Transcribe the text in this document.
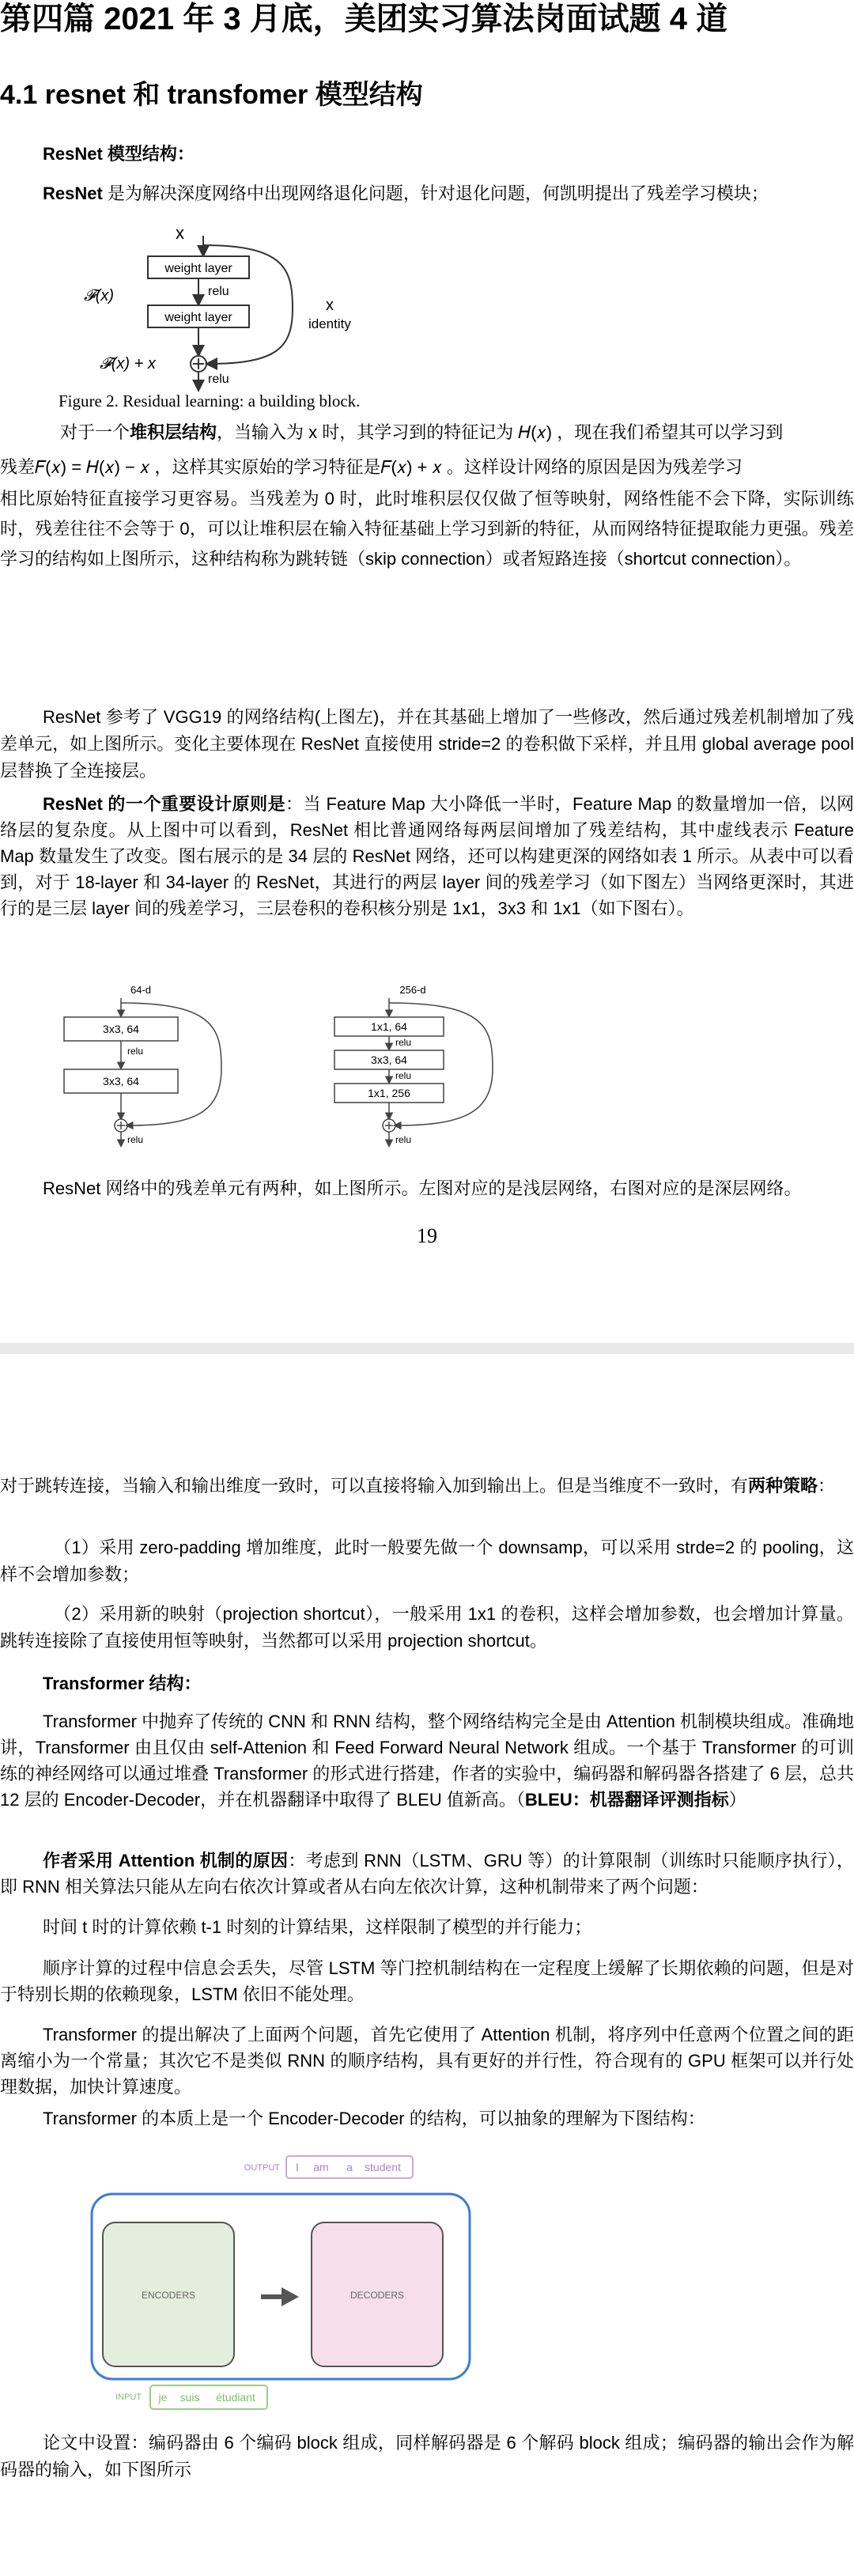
第四篇 2021 年 3 月底，美团实习算法岗面试题 4 道
4.1 resnet 和 transfomer 模型结构
ResNet 模型结构：
ResNet 是为解决深度网络中出现网络退化问题，针对退化问题，何凯明提出了残差学习模块；
x
weight layer
relu
weight layer
relu
x
identity
𝓕(x)
𝓕(x) + x
Figure 2. Residual learning: a building block.
对于一个堆积层结构，当输入为 x 时，其学习到的特征记为 𝐻(𝑥) ，现在我们希望其可以学习到
残差𝐹(𝑥) = 𝐻(𝑥) − 𝑥 ，这样其实原始的学习特征是𝐹(𝑥) + 𝑥 。这样设计网络的原因是因为残差学习
相比原始特征直接学习更容易。当残差为 0 时，此时堆积层仅仅做了恒等映射，网络性能不会下降，实际训练时，残差往往不会等于 0，可以让堆积层在输入特征基础上学习到新的特征，从而网络特征提取能力更强。残差学习的结构如上图所示，这种结构称为跳转链（skip connection）或者短路连接（shortcut connection）。
ResNet 参考了 VGG19 的网络结构(上图左)，并在其基础上增加了一些修改，然后通过残差机制增加了残差单元，如上图所示。变化主要体现在 ResNet 直接使用 stride=2 的卷积做下采样，并且用 global average pool 层替换了全连接层。
ResNet 的一个重要设计原则是：当 Feature Map 大小降低一半时，Feature Map 的数量增加一倍，以网络层的复杂度。从上图中可以看到，ResNet 相比普通网络每两层间增加了残差结构，其中虚线表示 Feature Map 数量发生了改变。图右展示的是 34 层的 ResNet 网络，还可以构建更深的网络如表 1 所示。从表中可以看到，对于 18-layer 和 34-layer 的 ResNet，其进行的两层 layer 间的残差学习（如下图左）当网络更深时，其进行的是三层 layer 间的残差学习，三层卷积的卷积核分别是 1x1，3x3 和 1x1（如下图右）。
64-d
3x3, 64
relu
3x3, 64
relu
256-d
1x1, 64
relu
3x3, 64
relu
1x1, 256
relu
ResNet 网络中的残差单元有两种，如上图所示。左图对应的是浅层网络，右图对应的是深层网络。
19
对于跳转连接，当输入和输出维度一致时，可以直接将输入加到输出上。但是当维度不一致时，有两种策略：
（1）采用 zero-padding 增加维度，此时一般要先做一个 downsamp，可以采用 strde=2 的 pooling，这样不会增加参数；
（2）采用新的映射（projection shortcut），一般采用 1x1 的卷积，这样会增加参数，也会增加计算量。跳转连接除了直接使用恒等映射，当然都可以采用 projection shortcut。
Transformer 结构：
Transformer 中抛弃了传统的 CNN 和 RNN 结构，整个网络结构完全是由 Attention 机制模块组成。准确地讲，Transformer 由且仅由 self-Attenion 和 Feed Forward Neural Network 组成。一个基于 Transformer 的可训练的神经网络可以通过堆叠 Transformer 的形式进行搭建，作者的实验中，编码器和解码器各搭建了 6 层，总共 12 层的 Encoder-Decoder，并在机器翻译中取得了 BLEU 值新高。（BLEU：机器翻译评测指标）
作者采用 Attention 机制的原因：考虑到 RNN（LSTM、GRU 等）的计算限制（训练时只能顺序执行），即 RNN 相关算法只能从左向右依次计算或者从右向左依次计算，这种机制带来了两个问题：
时间 t 时的计算依赖 t-1 时刻的计算结果，这样限制了模型的并行能力；
顺序计算的过程中信息会丢失，尽管 LSTM 等门控机制结构在一定程度上缓解了长期依赖的问题，但是对于特别长期的依赖现象，LSTM 依旧不能处理。
Transformer 的提出解决了上面两个问题，首先它使用了 Attention 机制，将序列中任意两个位置之间的距离缩小为一个常量；其次它不是类似 RNN 的顺序结构，具有更好的并行性，符合现有的 GPU 框架可以并行处理数据，加快计算速度。
Transformer 的本质上是一个 Encoder-Decoder 的结构，可以抽象的理解为下图结构：
OUTPUT I am a student
ENCODERS	DECODERS
INPUT je suis étudiant
论文中设置：编码器由 6 个编码 block 组成，同样解码器是 6 个解码 block 组成；编码器的输出会作为解码器的输入，如下图所示
